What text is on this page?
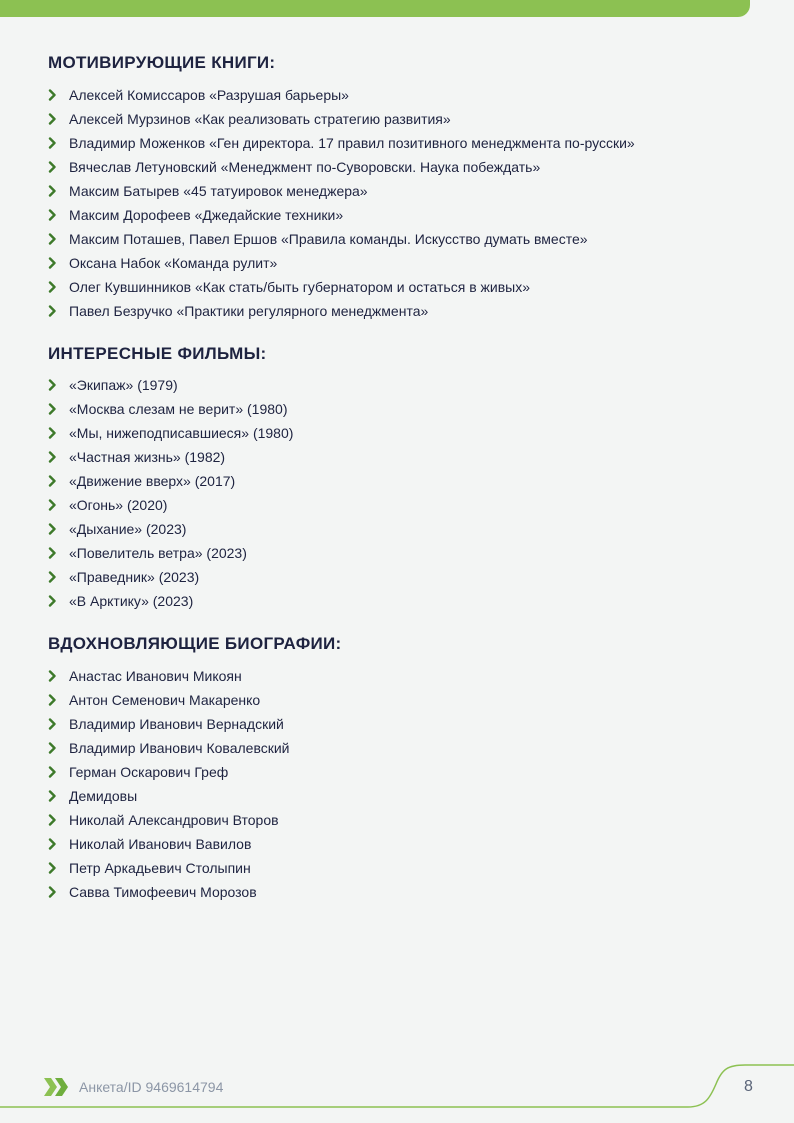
МОТИВИРУЮЩИЕ КНИГИ:
Алексей Комиссаров «Разрушая барьеры»
Алексей Мурзинов «Как реализовать стратегию развития»
Владимир Моженков «Ген директора. 17 правил позитивного менеджмента по-русски»
Вячеслав Летуновский «Менеджмент по-Суворовски. Наука побеждать»
Максим Батырев «45 татуировок менеджера»
Максим Дорофеев «Джедайские техники»
Максим Поташев, Павел Ершов «Правила команды. Искусство думать вместе»
Оксана Набок «Команда рулит»
Олег Кувшинников «Как стать/быть губернатором и остаться в живых»
Павел Безручко «Практики регулярного менеджмента»
ИНТЕРЕСНЫЕ ФИЛЬМЫ:
«Экипаж» (1979)
«Москва слезам не верит» (1980)
«Мы, нижеподписавшиеся» (1980)
«Частная жизнь» (1982)
«Движение вверх» (2017)
«Огонь» (2020)
«Дыхание» (2023)
«Повелитель ветра» (2023)
«Праведник» (2023)
«В Арктику» (2023)
ВДОХНОВЛЯЮЩИЕ БИОГРАФИИ:
Анастас Иванович Микоян
Антон Семенович Макаренко
Владимир Иванович Вернадский
Владимир Иванович Ковалевский
Герман Оскарович Греф
Демидовы
Николай Александрович Второв
Николай Иванович Вавилов
Петр Аркадьевич Столыпин
Савва Тимофеевич Морозов
Анкета/ID 9469614794	8
